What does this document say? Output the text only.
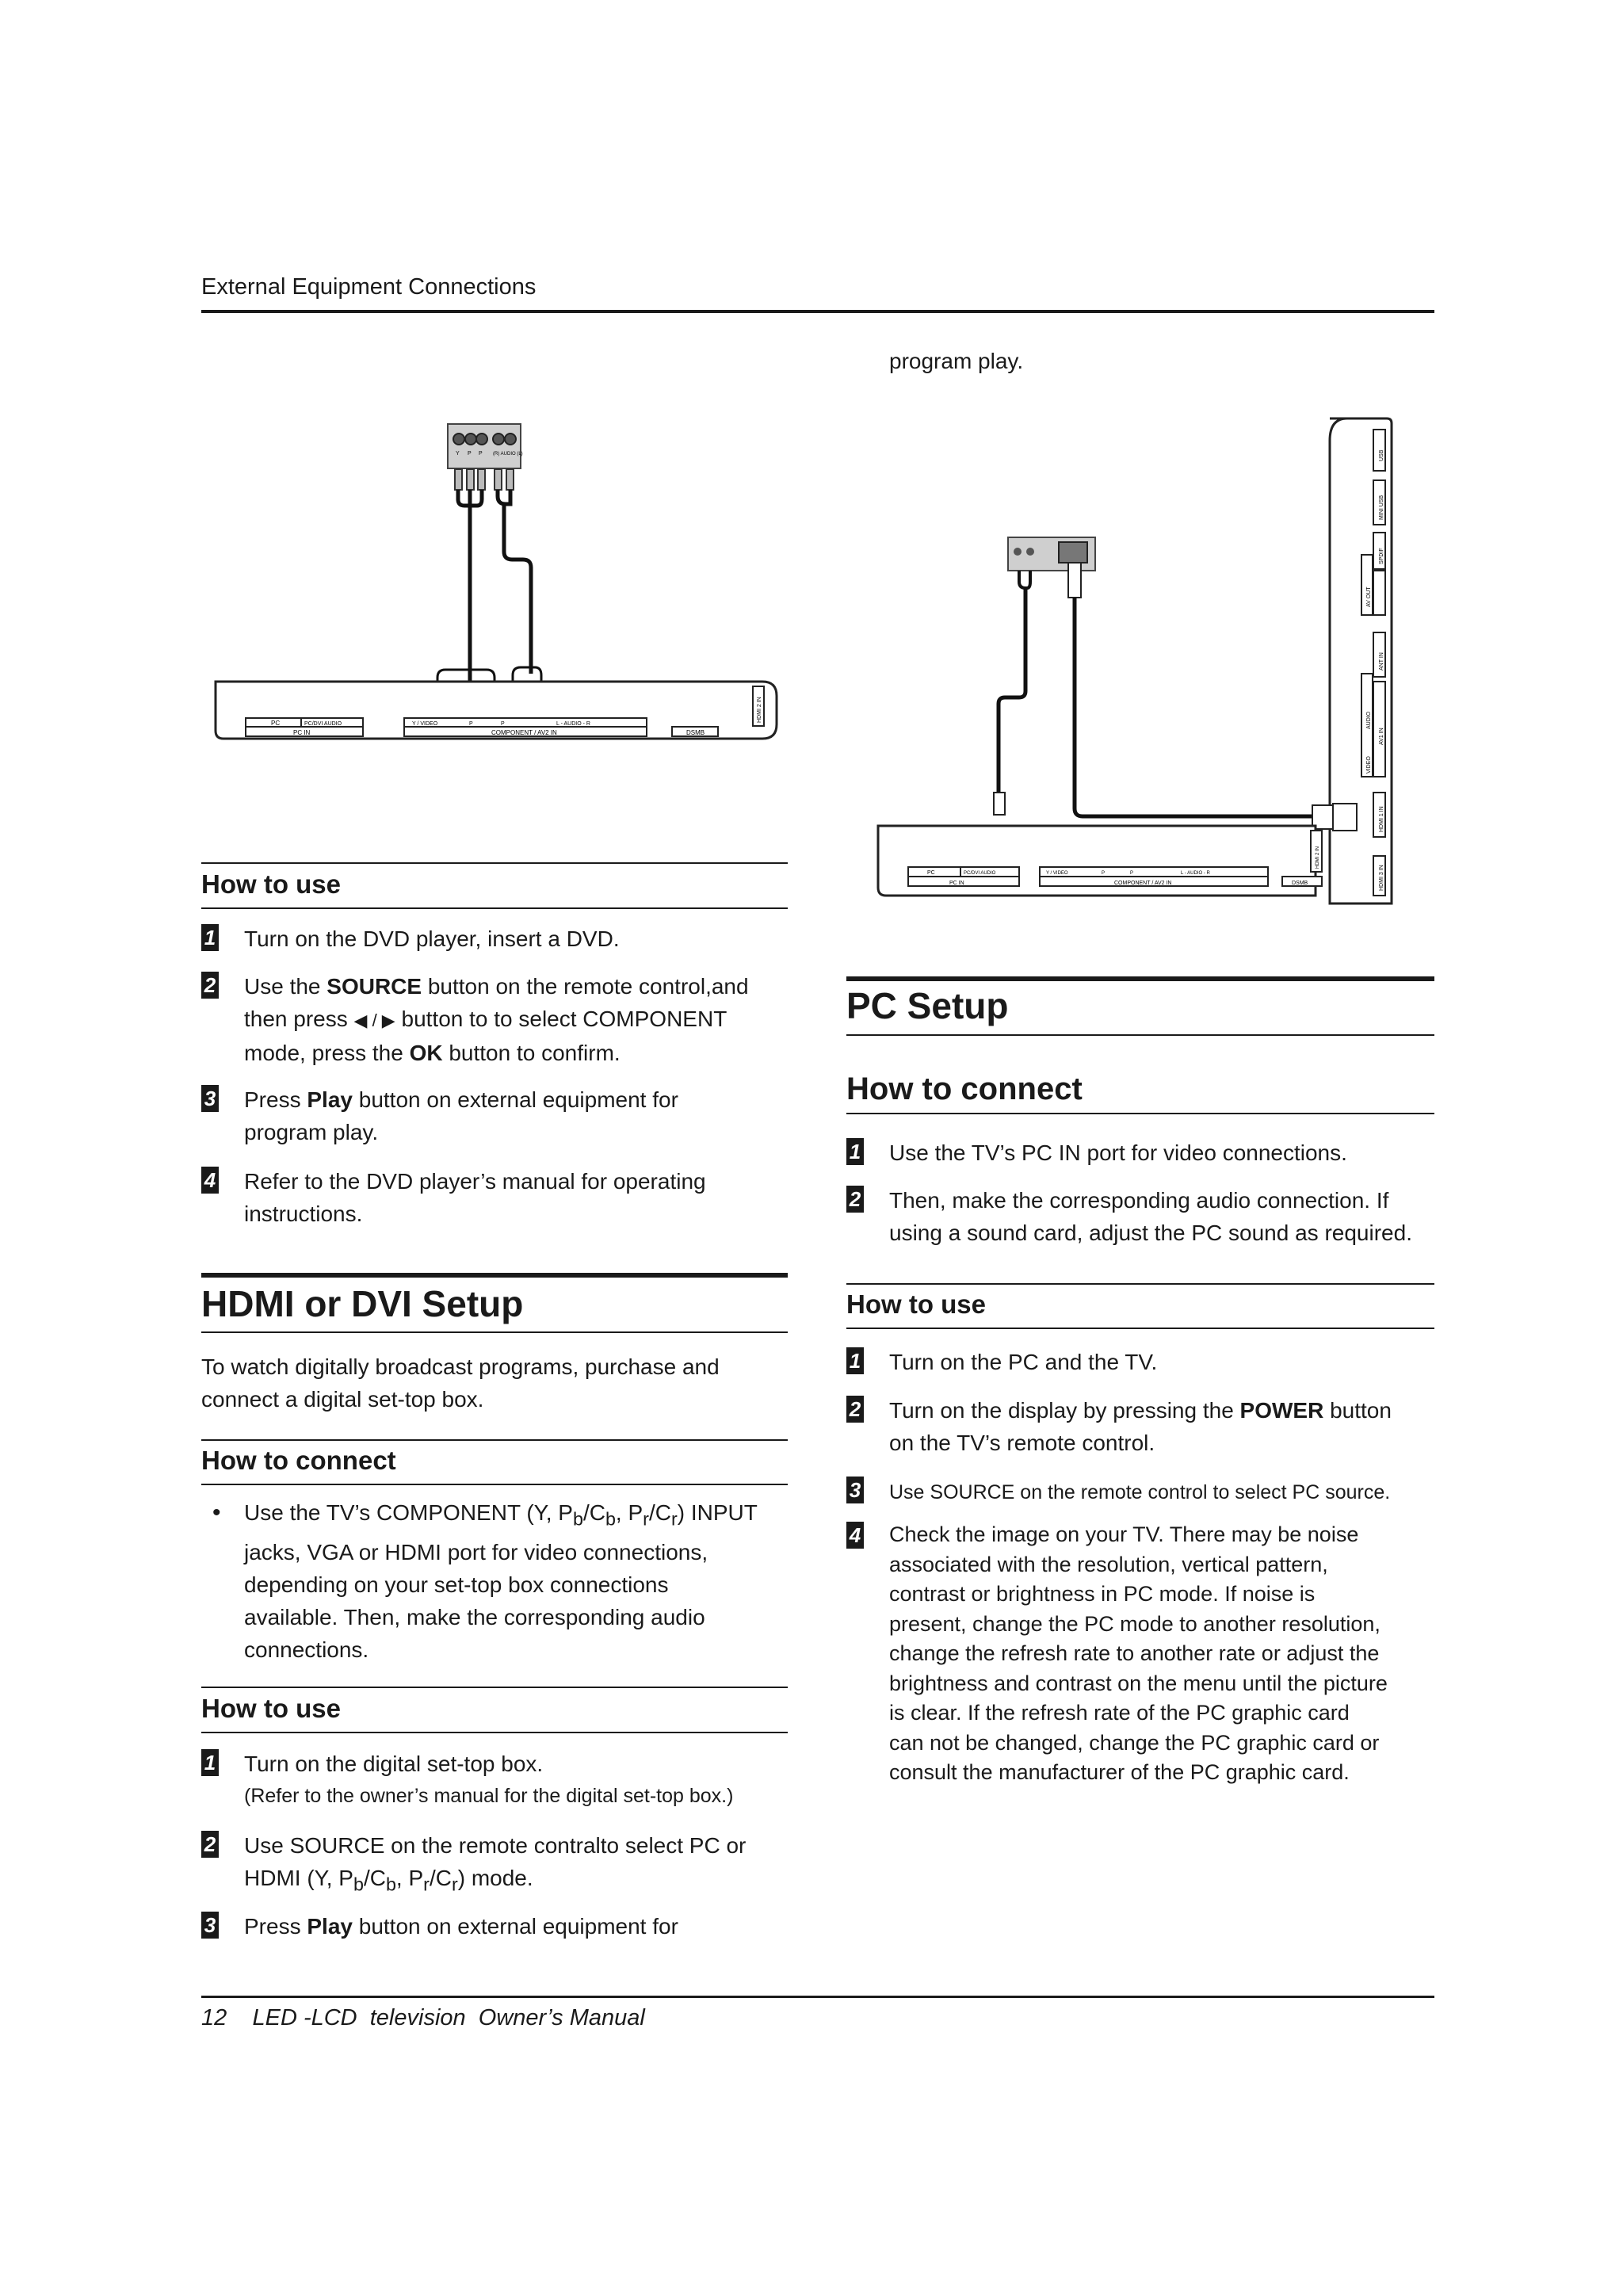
External Equipment Connections
Y P P (R) AUDIO (L)
PC	PC/DVI AUDIO	Y / VIDEO	P	P	L - AUDIO - R
PC IN	COMPONENT / AV2 IN	DSMB
HDMI 2 IN
How to use
1 Turn on the DVD player, insert a DVD.
2 Use the SOURCE button on the remote control,and
then press ◀ / ▶ button to to select COMPONENT
mode, press the OK button to confirm.
3 Press Play button on external equipment for
program play.
4 Refer to the DVD player’s manual for operating
instructions.
HDMI or DVI Setup
To watch digitally broadcast programs, purchase and
connect a digital set-top box.
How to connect
• Use the TV’s COMPONENT (Y, $P_b/C_b$, $P_r/C_r$) INPUT
jacks, VGA or HDMI port for video connections,
depending on your set-top box connections
available. Then, make the corresponding audio
connections.
How to use
1 Turn on the digital set-top box.
(Refer to the owner’s manual for the digital set-top box.)
2 Use SOURCE on the remote contralto select PC or
HDMI (Y, $P_b/C_b$, $P_r/C_r$) mode.
3 Press Play button on external equipment for
program play.
USB
MINI USB
SPDIF
AV OUT
ANT IN
AV1 IN
AUDIO
VIDEO
HDMI 1 IN
HDMI 3 IN
PC	PC/DVI AUDIO	Y / VIDEO	P	P	L - AUDIO - R
PC IN	COMPONENT / AV2 IN	DSMB
HDMI 2 IN
PC Setup
How to connect
1 Use the TV’s PC IN port for video connections.
2 Then, make the corresponding audio connection. If
using a sound card, adjust the PC sound as required.
How to use
1 Turn on the PC and the TV.
2 Turn on the display by pressing the POWER button
on the TV’s remote control.
3 Use SOURCE on the remote control to select PC source.
4 Check the image on your TV. There may be noise
associated with the resolution, vertical pattern,
contrast or brightness in PC mode. If noise is
present, change the PC mode to another resolution,
change the refresh rate to another rate or adjust the
brightness and contrast on the menu until the picture
is clear. If the refresh rate of the PC graphic card
can not be changed, change the PC graphic card or
consult the manufacturer of the PC graphic card.
12    LED -LCD  television  Owner’s Manual
